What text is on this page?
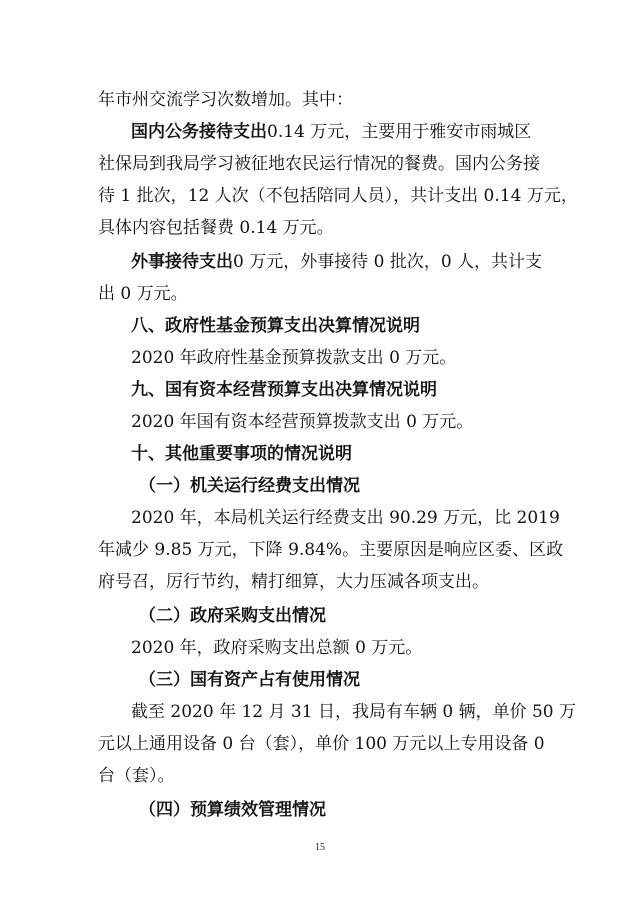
年市州交流学习次数增加。其中：
国内公务接待支出0.14 万元，主要用于雅安市雨城区
社保局到我局学习被征地农民运行情况的餐费。国内公务接
待 1 批次，12 人次（不包括陪同人员），共计支出 0.14 万元，
具体内容包括餐费 0.14 万元。
外事接待支出0 万元，外事接待 0 批次，0 人，共计支
出 0 万元。
八、政府性基金预算支出决算情况说明
2020 年政府性基金预算拨款支出 0 万元。
九、国有资本经营预算支出决算情况说明
2020 年国有资本经营预算拨款支出 0 万元。
十、其他重要事项的情况说明
（一）机关运行经费支出情况
2020 年，本局机关运行经费支出 90.29 万元，比 2019
年减少 9.85 万元，下降 9.84%。主要原因是响应区委、区政
府号召，厉行节约，精打细算，大力压减各项支出。
（二）政府采购支出情况
2020 年，政府采购支出总额 0 万元。
（三）国有资产占有使用情况
截至 2020 年 12 月 31 日，我局有车辆 0 辆，单价 50 万
元以上通用设备 0 台（套），单价 100 万元以上专用设备 0
台（套）。
（四）预算绩效管理情况
15
